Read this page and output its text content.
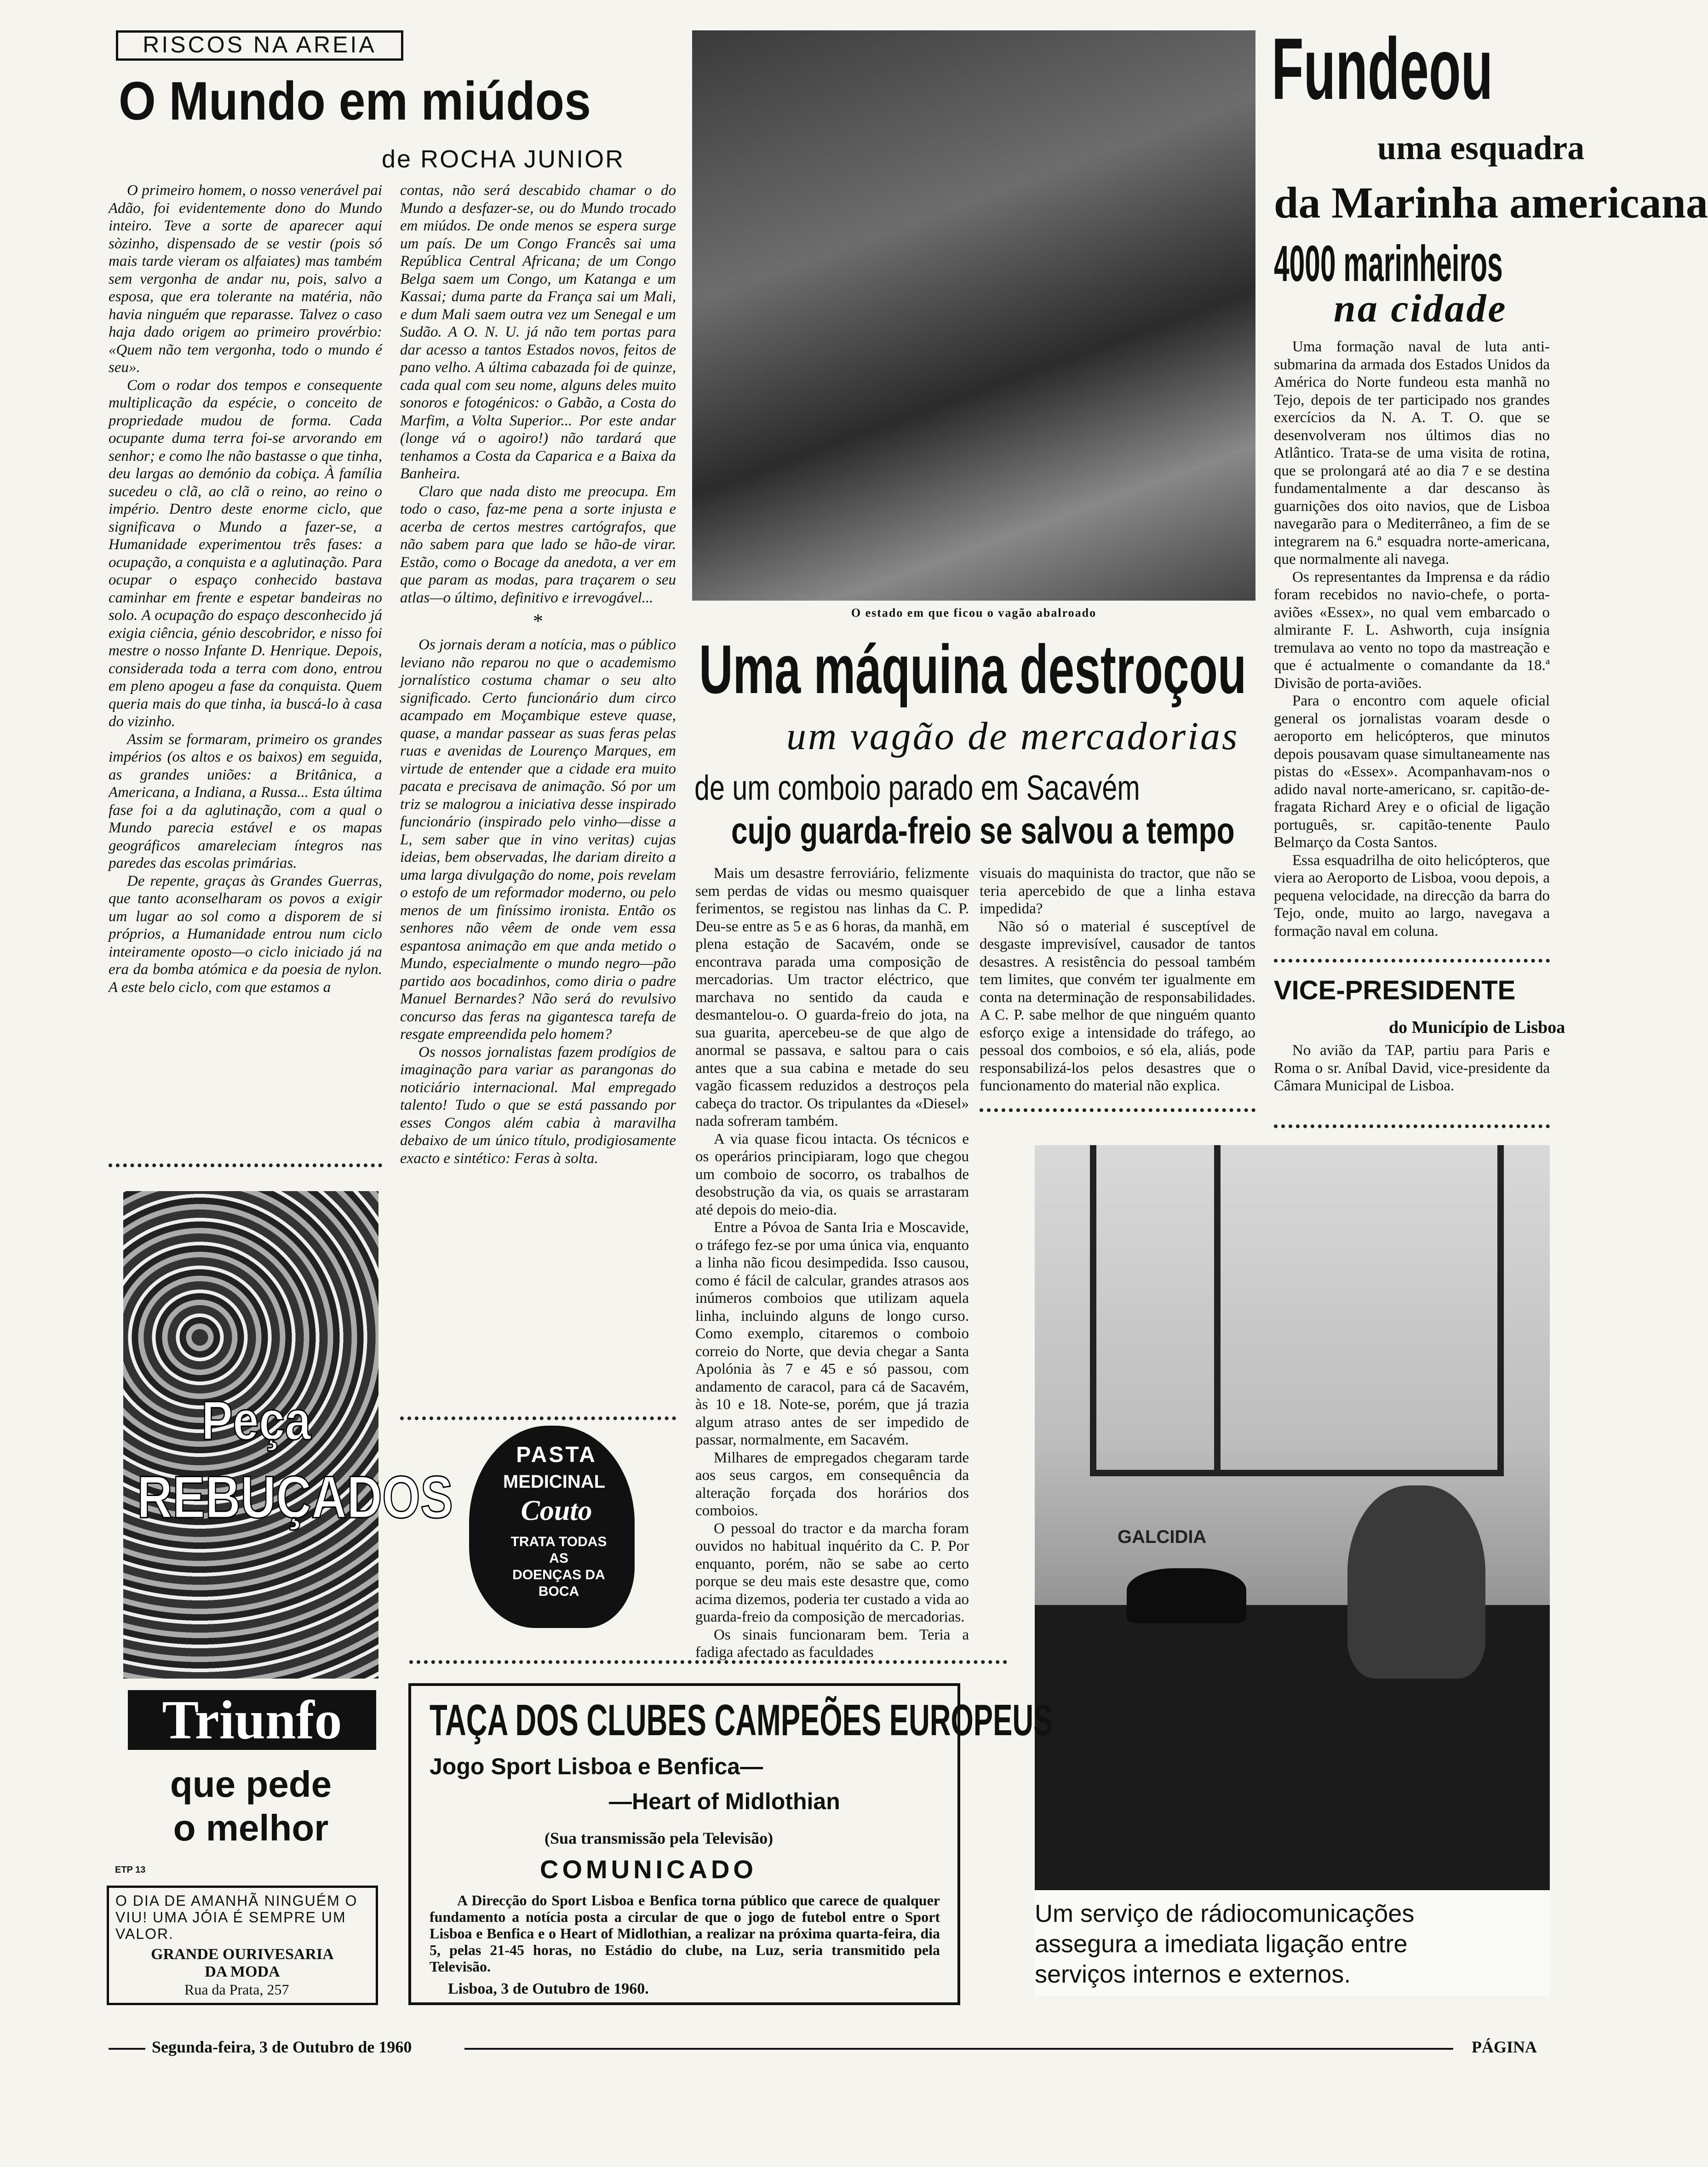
RISCOS NA AREIA
O Mundo em miúdos
de ROCHA JUNIOR

O primeiro homem, o nosso venerável pai Adão, foi evidentemente dono do Mundo inteiro. Teve a sorte de aparecer aqui sòzinho, dispensado de se vestir (pois só mais tarde vieram os alfaiates) mas também sem vergonha de andar nu, pois, salvo a esposa, que era tolerante na matéria, não havia ninguém que reparasse. Talvez o caso haja dado origem ao primeiro provérbio: «Quem não tem vergonha, todo o mundo é seu».

Com o rodar dos tempos e consequente multiplicação da espécie, o conceito de propriedade mudou de forma. Cada ocupante duma terra foi-se arvorando em senhor; e como lhe não bastasse o que tinha, deu largas ao demónio da cobiça. À família sucedeu o clã, ao clã o reino, ao reino o império. Dentro deste enorme ciclo, que significava o Mundo a fazer-se, a Humanidade experimentou três fases: a ocupação, a conquista e a aglutinação. Para ocupar o espaço conhecido bastava caminhar em frente e espetar bandeiras no solo. A ocupação do espaço desconhecido já exigia ciência, génio descobridor, e nisso foi mestre o nosso Infante D. Henrique. Depois, considerada toda a terra com dono, entrou em pleno apogeu a fase da conquista. Quem queria mais do que tinha, ia buscá-lo à casa do vizinho.

Assim se formaram, primeiro os grandes impérios (os altos e os baixos) em seguida, as grandes uniões: a Britânica, a Americana, a Indiana, a Russa... Esta última fase foi a da aglutinação, com a qual o Mundo parecia estável e os mapas geográficos amareleciam íntegros nas paredes das escolas primárias.

De repente, graças às Grandes Guerras, que tanto aconselharam os povos a exigir um lugar ao sol como a disporem de si próprios, a Humanidade entrou num ciclo inteiramente oposto—o ciclo iniciado já na era da bomba atómica e da poesia de nylon. A este belo ciclo, com que estamos a

contas, não será descabido chamar o do Mundo a desfazer-se, ou do Mundo trocado em miúdos. De onde menos se espera surge um país. De um Congo Francês sai uma República Central Africana; de um Congo Belga saem um Congo, um Katanga e um Kassai; duma parte da França sai um Mali, e dum Mali saem outra vez um Senegal e um Sudão. A O. N. U. já não tem portas para dar acesso a tantos Estados novos, feitos de pano velho. A última cabazada foi de quinze, cada qual com seu nome, alguns deles muito sonoros e fotogénicos: o Gabão, a Costa do Marfim, a Volta Superior... Por este andar (longe vá o agoiro!) não tardará que tenhamos a Costa da Caparica e a Baixa da Banheira.

Claro que nada disto me preocupa. Em todo o caso, faz-me pena a sorte injusta e acerba de certos mestres cartógrafos, que não sabem para que lado se hão-de virar. Estão, como o Bocage da anedota, a ver em que param as modas, para traçarem o seu atlas—o último, definitivo e irrevogável...

*

Os jornais deram a notícia, mas o público leviano não reparou no que o academismo jornalístico costuma chamar o seu alto significado. Certo funcionário dum circo acampado em Moçambique esteve quase, quase, a mandar passear as suas feras pelas ruas e avenidas de Lourenço Marques, em virtude de entender que a cidade era muito pacata e precisava de animação. Só por um triz se malogrou a iniciativa desse inspirado funcionário (inspirado pelo vinho—disse a L, sem saber que in vino veritas) cujas ideias, bem observadas, lhe dariam direito a uma larga divulgação do nome, pois revelam o estofo de um reformador moderno, ou pelo menos de um finíssimo ironista. Então os senhores não vêem de onde vem essa espantosa animação em que anda metido o Mundo, especialmente o mundo negro—pão partido aos bocadinhos, como diria o padre Manuel Bernardes? Não será do revulsivo concurso das feras na gigantesca tarefa de resgate empreendida pelo homem?

Os nossos jornalistas fazem prodígios de imaginação para variar as parangonas do noticiário internacional. Mal empregado talento! Tudo o que se está passando por esses Congos além cabia à maravilha debaixo de um único título, prodigiosamente exacto e sintético: Feras à solta.

Peça
REBUÇADOS
Triunfo
que pede
o melhor
ETP 13
O DIA DE AMANHÃ NINGUÉM O VIU! UMA JÓIA É SEMPRE UM VALOR.
GRANDE OURIVESARIA
DA MODA
Rua da Prata, 257
PASTA
MEDICINAL
Couto
TRATA TODAS
AS
DOENÇAS DA
BOCA
O estado em que ficou o vagão abalroado
Uma máquina destroçou
um vagão de mercadorias
de um comboio parado em Sacavém
cujo guarda-freio se salvou a tempo

Mais um desastre ferroviário, felizmente sem perdas de vidas ou mesmo quaisquer ferimentos, se registou nas linhas da C. P. Deu-se entre as 5 e as 6 horas, da manhã, em plena estação de Sacavém, onde se encontrava parada uma composição de mercadorias. Um tractor eléctrico, que marchava no sentido da cauda e desmantelou-o. O guarda-freio do jota, na sua guarita, apercebeu-se de que algo de anormal se passava, e saltou para o cais antes que a sua cabina e metade do seu vagão ficassem reduzidos a destroços pela cabeça do tractor. Os tripulantes da «Diesel» nada sofreram também.

A via quase ficou intacta. Os técnicos e os operários principiaram, logo que chegou um comboio de socorro, os trabalhos de desobstrução da via, os quais se arrastaram até depois do meio-dia.

Entre a Póvoa de Santa Iria e Moscavide, o tráfego fez-se por uma única via, enquanto a linha não ficou desimpedida. Isso causou, como é fácil de calcular, grandes atrasos aos inúmeros comboios que utilizam aquela linha, incluindo alguns de longo curso. Como exemplo, citaremos o comboio correio do Norte, que devia chegar a Santa Apolónia às 7 e 45 e só passou, com andamento de caracol, para cá de Sacavém, às 10 e 18. Note-se, porém, que já trazia algum atraso antes de ser impedido de passar, normalmente, em Sacavém.

Milhares de empregados chegaram tarde aos seus cargos, em consequência da alteração forçada dos horários dos comboios.

O pessoal do tractor e da marcha foram ouvidos no habitual inquérito da C. P. Por enquanto, porém, não se sabe ao certo porque se deu mais este desastre que, como acima dizemos, poderia ter custado a vida ao guarda-freio da composição de mercadorias.

Os sinais funcionaram bem. Teria a fadiga afectado as faculdades

visuais do maquinista do tractor, que não se teria apercebido de que a linha estava impedida?

Não só o material é susceptível de desgaste imprevisível, causador de tantos desastres. A resistência do pessoal também tem limites, que convém ter igualmente em conta na determinação de responsabilidades. A C. P. sabe melhor de que ninguém quanto esforço exige a intensidade do tráfego, ao pessoal dos comboios, e só ela, aliás, pode responsabilizá-los pelos desastres que o funcionamento do material não explica.

Fundeou
uma esquadra
da Marinha americana
4000 marinheiros
na cidade

Uma formação naval de luta anti-submarina da armada dos Estados Unidos da América do Norte fundeou esta manhã no Tejo, depois de ter participado nos grandes exercícios da N. A. T. O. que se desenvolveram nos últimos dias no Atlântico. Trata-se de uma visita de rotina, que se prolongará até ao dia 7 e se destina fundamentalmente a dar descanso às guarnições dos oito navios, que de Lisboa navegarão para o Mediterrâneo, a fim de se integrarem na 6.ª esquadra norte-americana, que normalmente ali navega.

Os representantes da Imprensa e da rádio foram recebidos no navio-chefe, o porta-aviões «Essex», no qual vem embarcado o almirante F. L. Ashworth, cuja insígnia tremulava ao vento no topo da mastreação e que é actualmente o comandante da 18.ª Divisão de porta-aviões.

Para o encontro com aquele oficial general os jornalistas voaram desde o aeroporto em helicópteros, que minutos depois pousavam quase simultaneamente nas pistas do «Essex». Acompanhavam-nos o adido naval norte-americano, sr. capitão-de-fragata Richard Arey e o oficial de ligação português, sr. capitão-tenente Paulo Belmarço da Costa Santos.

Essa esquadrilha de oito helicópteros, que viera ao Aeroporto de Lisboa, voou depois, a pequena velocidade, na direcção da barra do Tejo, onde, muito ao largo, navegava a formação naval em coluna.

VICE-PRESIDENTE
do Município de Lisboa

No avião da TAP, partiu para Paris e Roma o sr. Aníbal David, vice-presidente da Câmara Municipal de Lisboa.

GALCIDIA
Um serviço de rádiocomunicações
assegura a imediata ligação entre
serviços internos e externos.
TAÇA DOS CLUBES CAMPEÕES EUROPEUS
Jogo Sport Lisboa e Benfica—
—Heart of Midlothian
(Sua transmissão pela Televisão)
COMUNICADO

A Direcção do Sport Lisboa e Benfica torna público que carece de qualquer fundamento a notícia posta a circular de que o jogo de futebol entre o Sport Lisboa e Benfica e o Heart of Midlothian, a realizar na próxima quarta-feira, dia 5, pelas 21-45 horas, no Estádio do clube, na Luz, seria transmitido pela Televisão.

Lisboa, 3 de Outubro de 1960.
Segunda-feira, 3 de Outubro de 1960	PÁGINA
